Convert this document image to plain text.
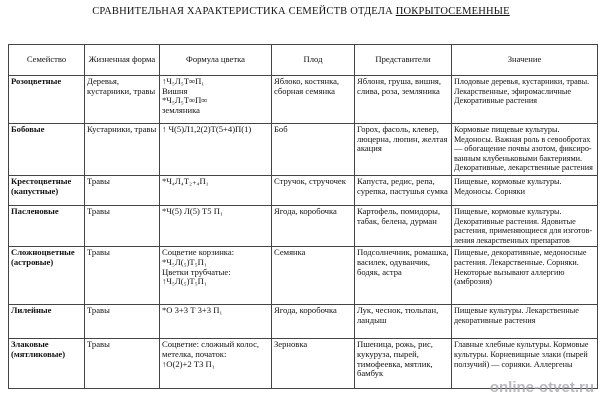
СРАВНИТЕЛЬНАЯ ХАРАКТЕРИСТИКА СЕМЕЙСТВ ОТДЕЛА ПОКРЫТОСЕМЕННЫЕ
Семейство	Жизненная форма	Формула цветка	Плод	Представители	Значение
Розоцветные	Деревья, кустарники, травы	↑Ч₅Л₅Т∞П₁
Вишня
*Ч₅Л₅Т∞П∞
земляника	Яблоко, костянка, сборная семянка	Яблоня, груша, вишня, слива, роза, земляника	Плодовые деревья, кустарники, травы. Лекарственные, эфиромасличные Декоративные растения
Бобовые	Кустарники, травы	↑ Ч(5)Л1,2(2)Т(5+4)П(1)	Боб	Горох, фасоль, клевер, люцерна, люпин, желтая акация	Кормовые пищевые культуры. Медоносы. Важная роль в севообротах — обогащение почвы азотом, фиксиро-ванным клубеньковыми бактериями. Декоративные, лекарственные растения
Крестоцветные (капустные)	Травы	*Ч₄Л₄Т₂₊₄П₁	Стручок, стручочек	Капуста, редис, репа, сурепка, пастушья сумка	Пищевые, кормовые культуры. Медоносы. Сорняки
Пасленовые	Травы	*Ч(5) Л(5) Т5 П₁	Ягода, коробочка	Картофель, помидоры, табак, белена, дурман	Пищевые, кормовые культуры. Декоративные растения. Ядовитые растения, применяющиеся для изготов-ления лекарственных препаратов
Сложноцветные (астровые)	Травы	Соцветие корзинка:
*Ч₅Л(₅)Т₅П₁
Цветки трубчатые:
↑Ч₅Л(₅)Т₅П₁	Семянка	Подсолнечник, ромашка, василек, одуванчик, бодяк, астра	Пищевые, декоративные, медоносные растения. Лекарственные. Сорняки. Некоторые вызывают аллергию (амброзия)
Лилейные	Травы	*О 3+3 Т 3+3 П₁	Ягода, коробочка	Лук, чеснок, тюльпан, ландыш	Пищевые культуры. Лекарственные декоративные растения
Злаковые (мятликовые)	Травы	Соцветие: сложный колос, метелка, початок:
↑О(2)+2 Т3 П₁	Зерновка	Пшеница, рожь, рис, кукуруза, пырей, тимофеевка, мятлик, бамбук	Главные хлебные культуры. Кормовые культуры. Корневищные злаки (пырей ползучий) — сорняки. Аллергены
online-otvet.ru
